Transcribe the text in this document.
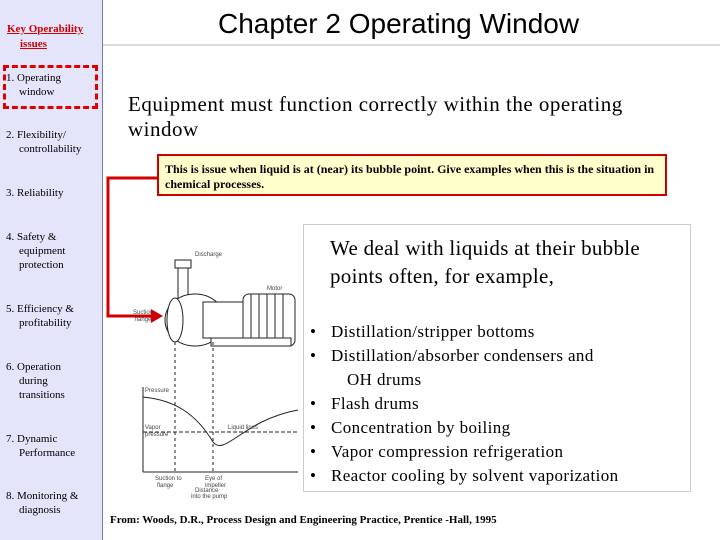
Key Operability
issues
1. Operating
window
2. Flexibility/
controllability
3. Reliability
4. Safety &
equipment
protection
5. Efficiency &
profitability
6. Operation
during
transitions
7. Dynamic
Performance
8. Monitoring &
diagnosis
Chapter 2 Operating Window
Equipment must function correctly within the operating window
This is issue when liquid is at (near) its bubble point. Give examples when this is the situation in chemical processes.
Discharge
Suction
flange
Motor
Pressure
Vapor
pressure
Liquid lines
Suction to
flange
Eye of
impeller
Distance
into the pump
We deal with liquids at their bubble points often, for example,
• Distillation/stripper bottoms
• Distillation/absorber condensers and
OH drums
• Flash drums
• Concentration by boiling
• Vapor compression refrigeration
• Reactor cooling by solvent vaporization
From: Woods, D.R., Process Design and Engineering Practice, Prentice -Hall, 1995
